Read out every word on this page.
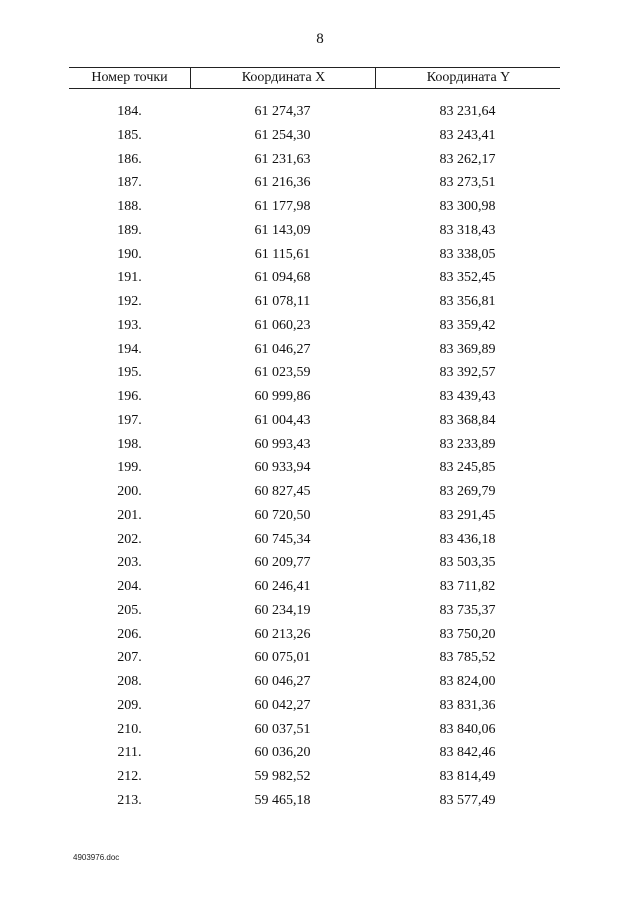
8
Номер точки	Координата X	Координата Y
184.	61 274,37	83 231,64
185.	61 254,30	83 243,41
186.	61 231,63	83 262,17
187.	61 216,36	83 273,51
188.	61 177,98	83 300,98
189.	61 143,09	83 318,43
190.	61 115,61	83 338,05
191.	61 094,68	83 352,45
192.	61 078,11	83 356,81
193.	61 060,23	83 359,42
194.	61 046,27	83 369,89
195.	61 023,59	83 392,57
196.	60 999,86	83 439,43
197.	61 004,43	83 368,84
198.	60 993,43	83 233,89
199.	60 933,94	83 245,85
200.	60 827,45	83 269,79
201.	60 720,50	83 291,45
202.	60 745,34	83 436,18
203.	60 209,77	83 503,35
204.	60 246,41	83 711,82
205.	60 234,19	83 735,37
206.	60 213,26	83 750,20
207.	60 075,01	83 785,52
208.	60 046,27	83 824,00
209.	60 042,27	83 831,36
210.	60 037,51	83 840,06
211.	60 036,20	83 842,46
212.	59 982,52	83 814,49
213.	59 465,18	83 577,49
4903976.doc
